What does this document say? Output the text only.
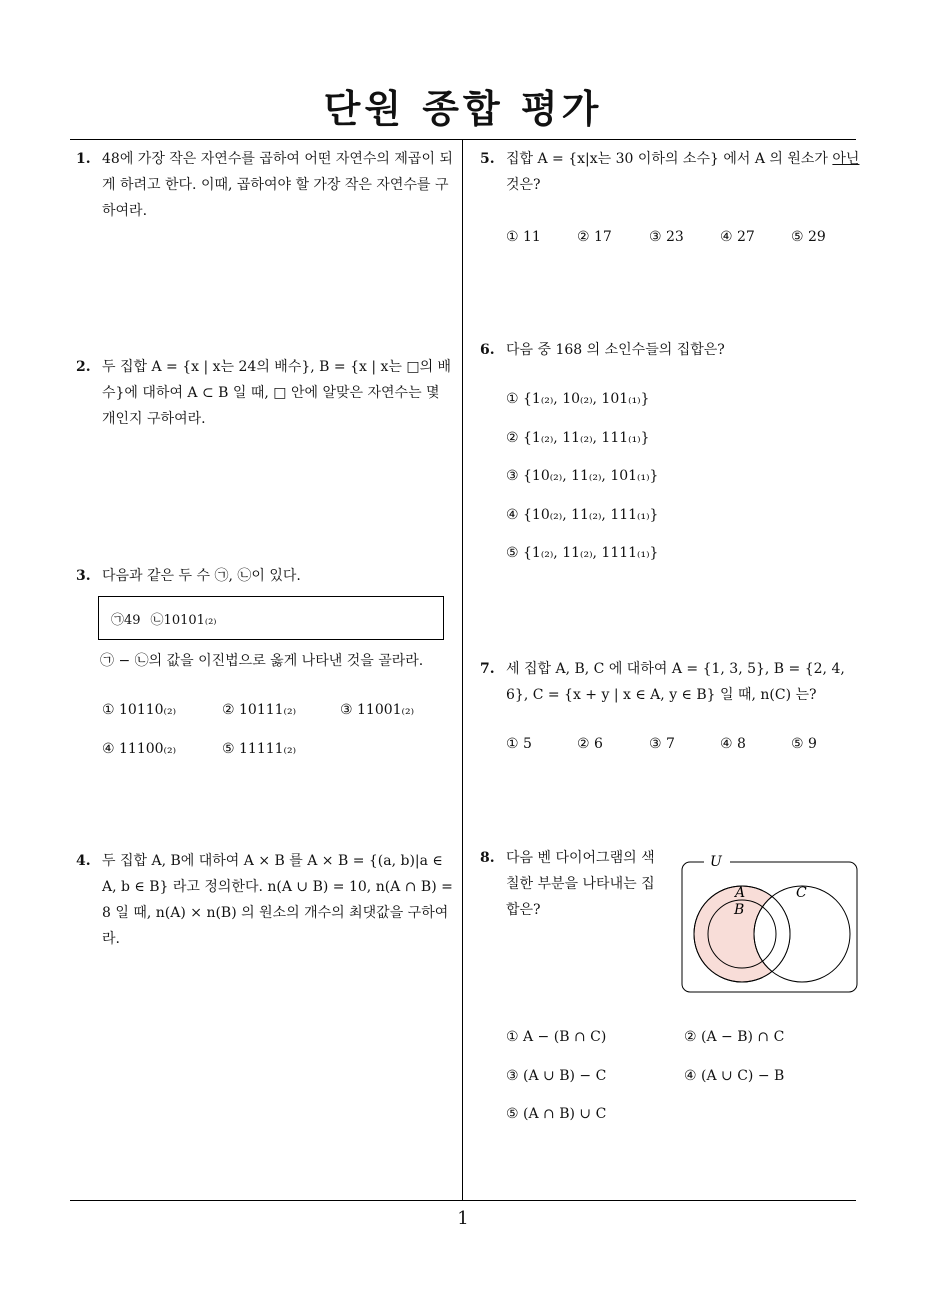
단원 종합 평가
1. 48에 가장 작은 자연수를 곱하여 어떤 자연수의 제곱이 되게 하려고 한다. 이때, 곱하여야 할 가장 작은 자연수를 구하여라.
2. 두 집합 A = {x | x는 24의 배수}, B = {x | x는 □의 배수}에 대하여 A ⊂ B 일 때, □ 안에 알맞은 자연수는 몇 개인지 구하여라.
3. 다음과 같은 두 수 ㉠, ㉡이 있다.
㉠49 ㉡10101₍₂₎
㉠ − ㉡의 값을 이진법으로 옳게 나타낸 것을 골라라.
① 10110₍₂₎	② 10111₍₂₎	③ 11001₍₂₎
④ 11100₍₂₎	⑤ 11111₍₂₎
4. 두 집합 A, B에 대하여 A × B 를 A × B = {(a, b)|a ∈ A, b ∈ B} 라고 정의한다. n(A ∪ B) = 10, n(A ∩ B) = 8 일 때, n(A) × n(B) 의 원소의 개수의 최댓값을 구하여라.
5. 집합 A = {x|x는 30 이하의 소수} 에서 A 의 원소가 아닌 것은?
① 11	② 17	③ 23	④ 27	⑤ 29
6. 다음 중 168 의 소인수들의 집합은?
① {1₍₂₎, 10₍₂₎, 101₍₁₎}
② {1₍₂₎, 11₍₂₎, 111₍₁₎}
③ {10₍₂₎, 11₍₂₎, 101₍₁₎}
④ {10₍₂₎, 11₍₂₎, 111₍₁₎}
⑤ {1₍₂₎, 11₍₂₎, 1111₍₁₎}
7. 세 집합 A, B, C 에 대하여 A = {1, 3, 5}, B = {2, 4, 6}, C = {x + y | x ∈ A, y ∈ B} 일 때, n(C) 는?
① 5	② 6	③ 7	④ 8	⑤ 9
8. 다음 벤 다이어그램의 색칠한 부분을 나타내는 집합은?
U
A
B
C
① A − (B ∩ C)	② (A − B) ∩ C
③ (A ∪ B) − C	④ (A ∪ C) − B
⑤ (A ∩ B) ∪ C
1
